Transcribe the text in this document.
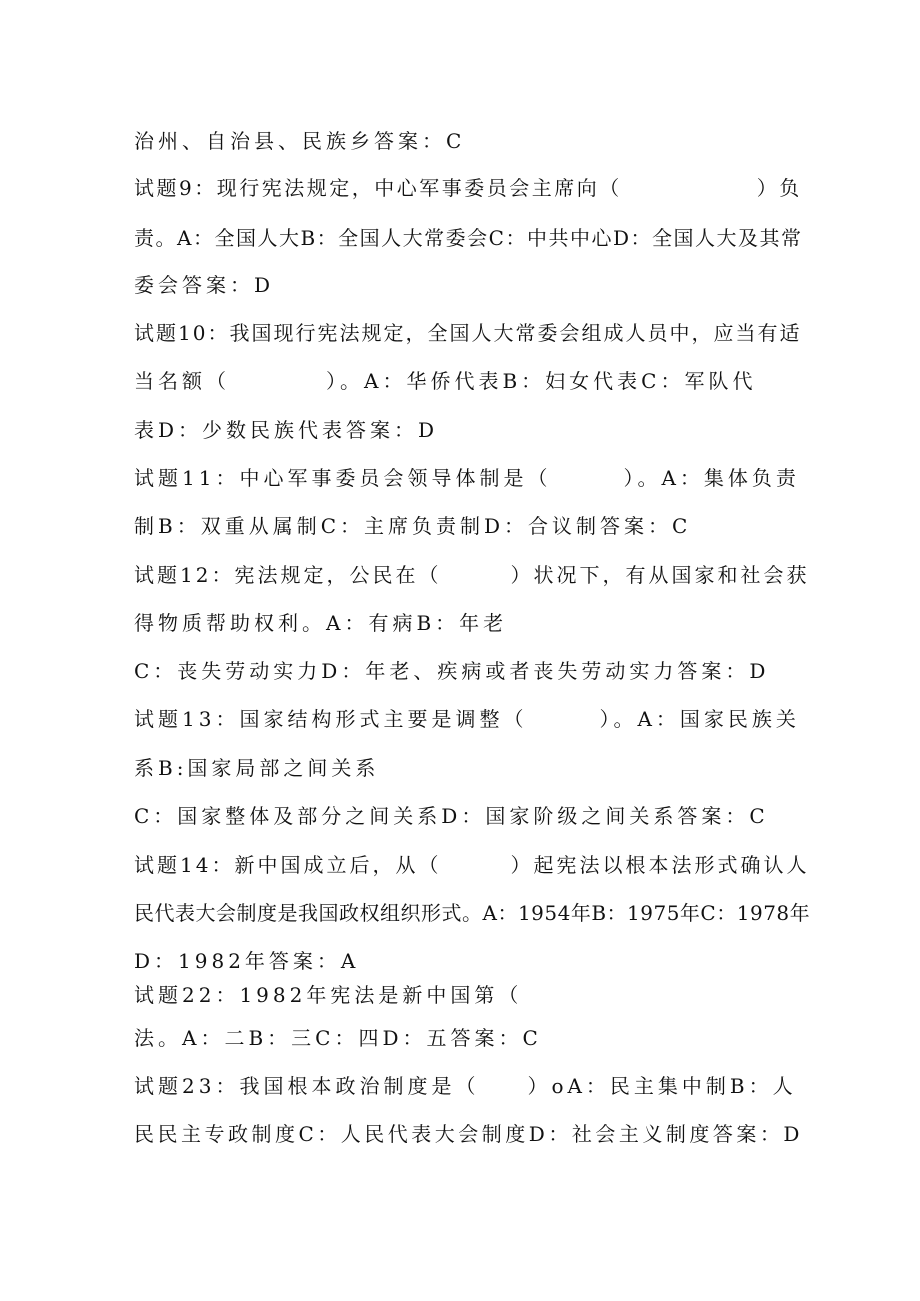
治州、自治县、民族乡答案：C
试题9：现行宪法规定，中心军事委员会主席向（　　　　　　）负
责。A：全国人大B：全国人大常委会C：中共中心D：全国人大及其常
委会答案：D
试题10：我国现行宪法规定，全国人大常委会组成人员中，应当有适
当名额（　　　　）。A：华侨代表B：妇女代表C：军队代
表D：少数民族代表答案：D
试题11：中心军事委员会领导体制是（　　　）。A：集体负责
制B：双重从属制C：主席负责制D：合议制答案：C
试题12：宪法规定，公民在（　　　）状况下，有从国家和社会获
得物质帮助权利。A：有病B：年老
C：丧失劳动实力D：年老、疾病或者丧失劳动实力答案：D
试题13：国家结构形式主要是调整（　　　）。A：国家民族关
系B:国家局部之间关系
C：国家整体及部分之间关系D：国家阶级之间关系答案：C
试题14：新中国成立后，从（　　　）起宪法以根本法形式确认人
民代表大会制度是我国政权组织形式。A：1954年B：1975年C：1978年
D：1982年答案：A
试题22：1982年宪法是新中国第（
法。A：二B：三C：四D：五答案：C
试题23：我国根本政治制度是（　　）oA：民主集中制B：人
民民主专政制度C：人民代表大会制度D：社会主义制度答案：D
